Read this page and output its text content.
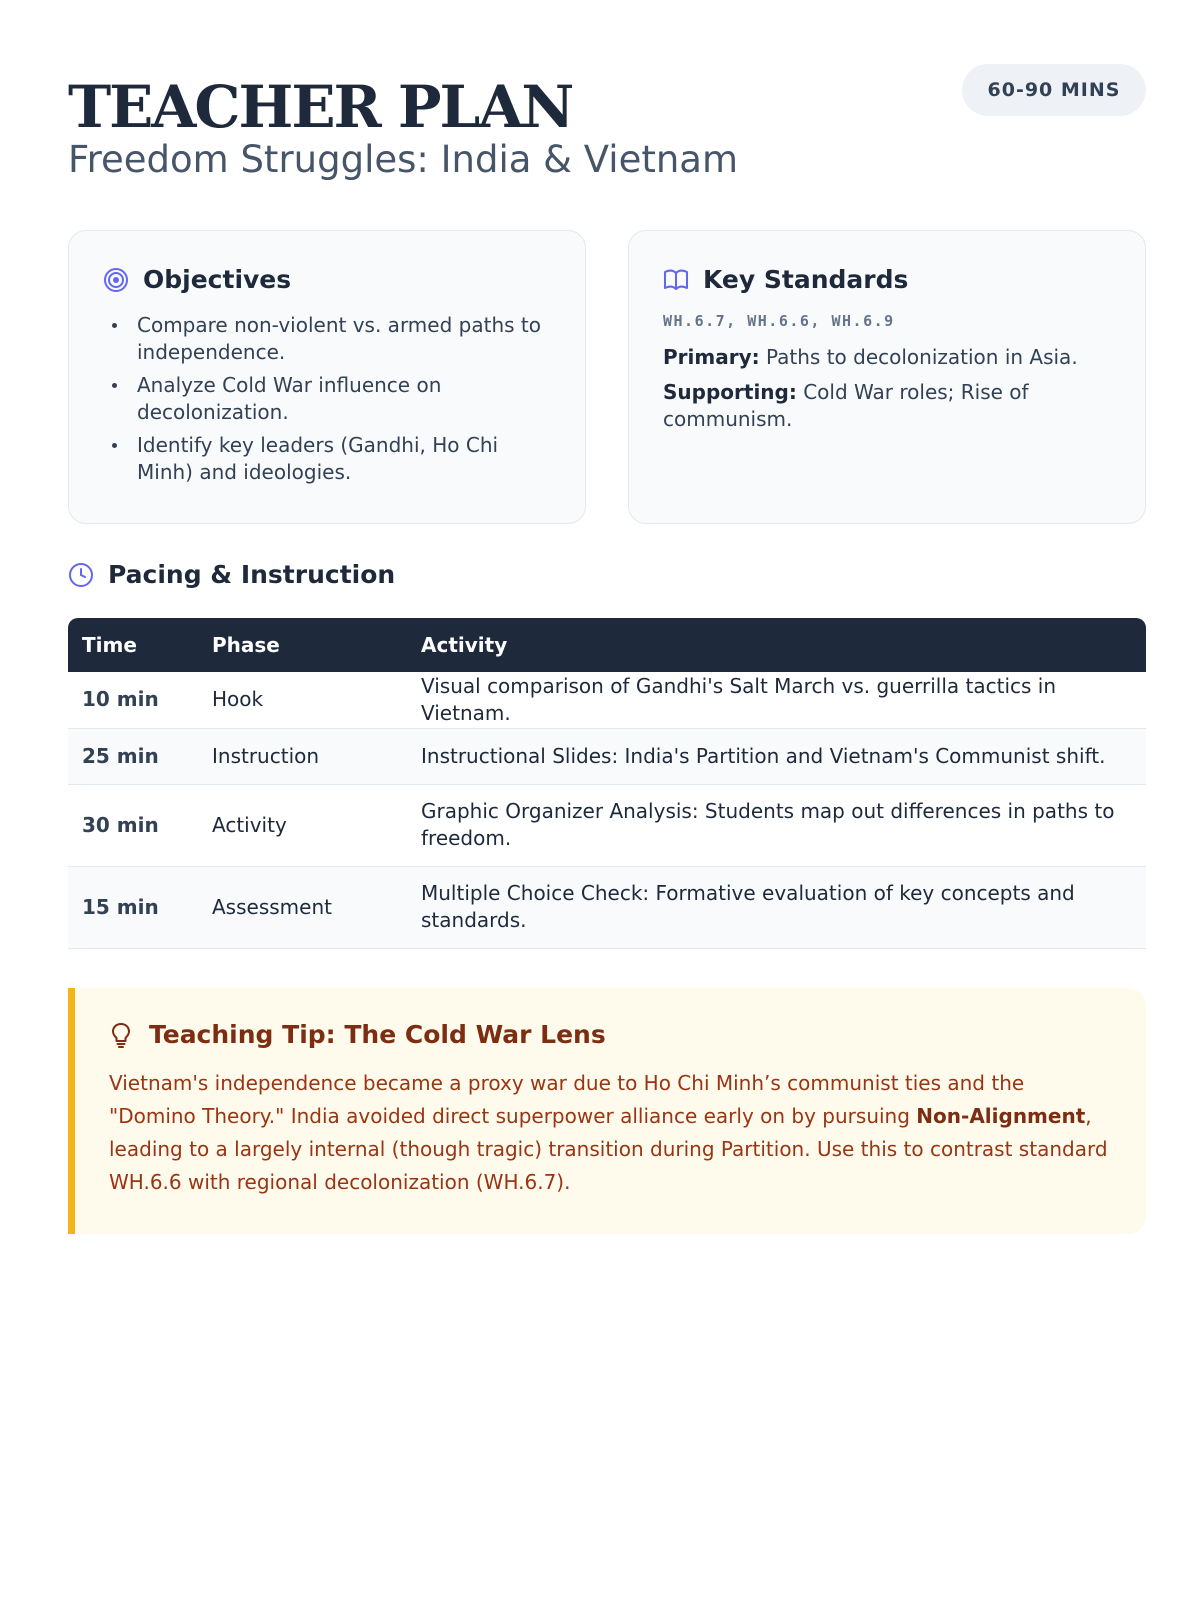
TEACHER PLAN
Freedom Struggles: India & Vietnam
60-90 MINS
Objectives
Compare non-violent vs. armed paths to independence.
Analyze Cold War influence on decolonization.
Identify key leaders (Gandhi, Ho Chi Minh) and ideologies.
Key Standards
WH.6.7, WH.6.6, WH.6.9
Primary: Paths to decolonization in Asia.
Supporting: Cold War roles; Rise of communism.
Pacing & Instruction
Time	Phase	Activity
10 min	Hook	Visual comparison of Gandhi's Salt March vs. guerrilla tactics in Vietnam.
25 min	Instruction	Instructional Slides: India's Partition and Vietnam's Communist shift.
30 min	Activity	Graphic Organizer Analysis: Students map out differences in paths to freedom.
15 min	Assessment	Multiple Choice Check: Formative evaluation of key concepts and standards.
Teaching Tip: The Cold War Lens

Vietnam's independence became a proxy war due to Ho Chi Minh’s communist ties and the "Domino Theory." India avoided direct superpower alliance early on by pursuing Non-Alignment, leading to a largely internal (though tragic) transition during Partition. Use this to contrast standard WH.6.6 with regional decolonization (WH.6.7).
